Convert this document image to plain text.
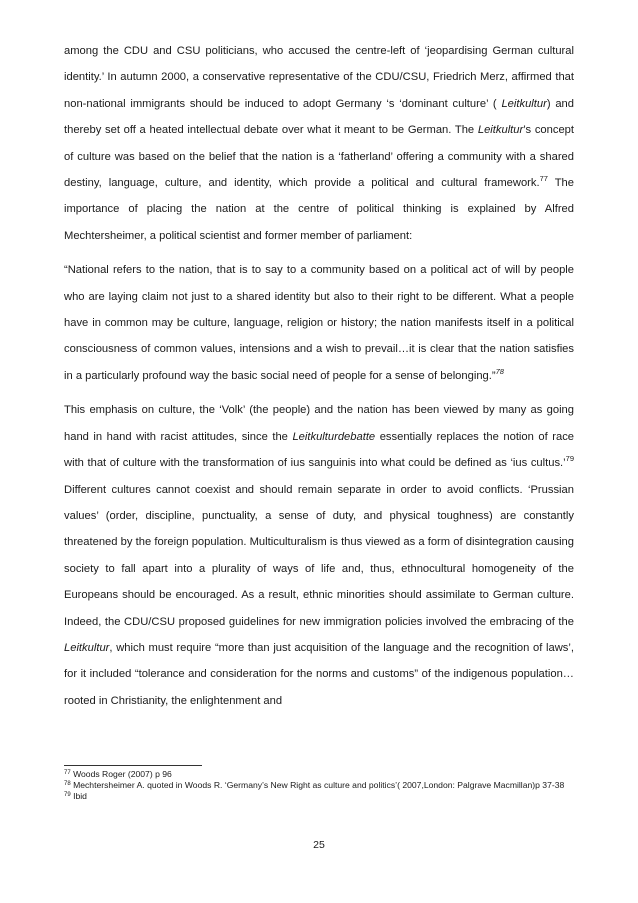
among the CDU and CSU politicians, who accused the centre-left of ‘jeopardising German cultural identity.’ In autumn 2000, a conservative representative of the CDU/CSU, Friedrich Merz, affirmed that non-national immigrants should be induced to adopt Germany ‘s ‘dominant culture’ ( Leitkultur) and thereby set off a heated intellectual debate over what it meant to be German. The Leitkultur’s concept of culture was based on the belief that the nation is a ‘fatherland’ offering a community with a shared destiny, language, culture, and identity, which provide a political and cultural framework.$^{77}$ The importance of placing the nation at the centre of political thinking is explained by Alfred Mechtersheimer, a political scientist and former member of parliament:

“National refers to the nation, that is to say to a community based on a political act of will by people who are laying claim not just to a shared identity but also to their right to be different. What a people have in common may be culture, language, religion or history; the nation manifests itself in a political consciousness of common values, intensions and a wish to prevail…it is clear that the nation satisfies in a particularly profound way the basic social need of people for a sense of belonging.”$^{78}$

This emphasis on culture, the ‘Volk’ (the people) and the nation has been viewed by many as going hand in hand with racist attitudes, since the Leitkulturdebatte essentially replaces the notion of race with that of culture with the transformation of ius sanguinis into what could be defined as ‘ius cultus.’$^{79}$ Different cultures cannot coexist and should remain separate in order to avoid conflicts. ‘Prussian values’ (order, discipline, punctuality, a sense of duty, and physical toughness) are constantly threatened by the foreign population. Multiculturalism is thus viewed as a form of disintegration causing society to fall apart into a plurality of ways of life and, thus, ethnocultural homogeneity of the Europeans should be encouraged. As a result, ethnic minorities should assimilate to German culture. Indeed, the CDU/CSU proposed guidelines for new immigration policies involved the embracing of the Leitkultur, which must require “more than just acquisition of the language and the recognition of laws’, for it included “tolerance and consideration for the norms and customs” of the indigenous population…rooted in Christianity, the enlightenment and

$^{77}$ Woods Roger (2007) p 96
$^{78}$ Mechtersheimer A. quoted in Woods R. ‘Germany’s New Right as culture and politics’( 2007,London: Palgrave Macmillan)p 37-38
$^{79}$ Ibid
25
